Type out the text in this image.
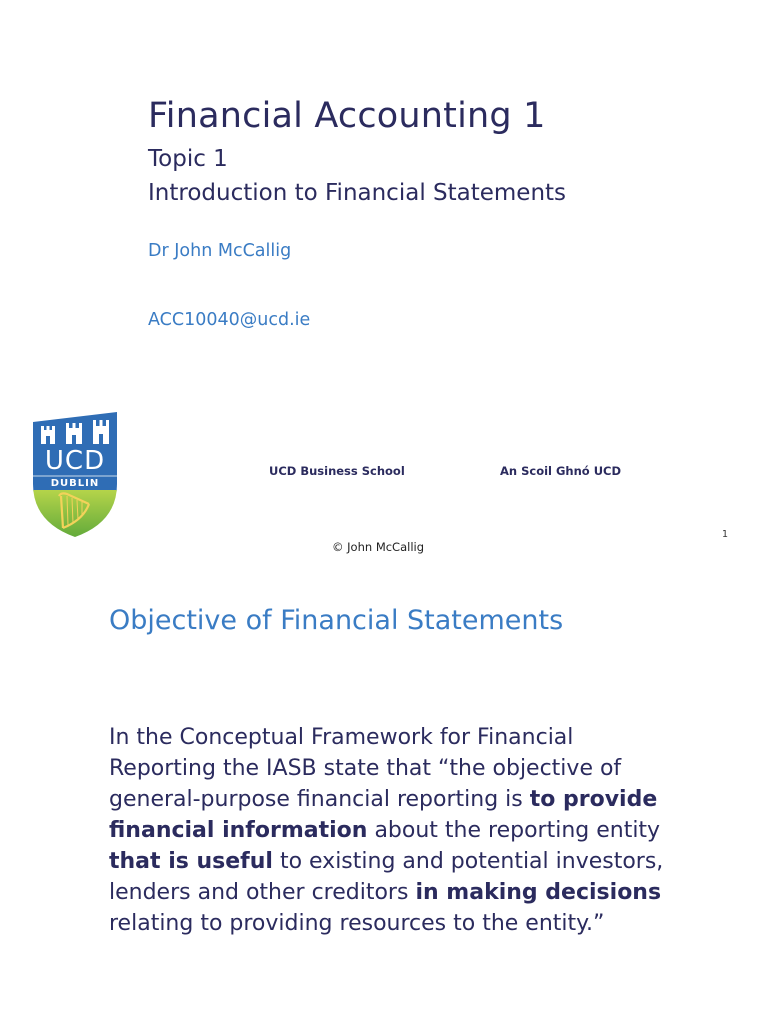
Financial Accounting 1
Topic 1
Introduction to Financial Statements
Dr John McCallig
ACC10040@ucd.ie
UCD
DUBLIN
UCD Business School	An Scoil Ghnó UCD
1
© John McCallig
Objective of Financial Statements
In the Conceptual Framework for Financial
Reporting the IASB state that “the objective of
general-purpose financial reporting is to provide
financial information about the reporting entity
that is useful to existing and potential investors,
lenders and other creditors in making decisions
relating to providing resources to the entity.”
